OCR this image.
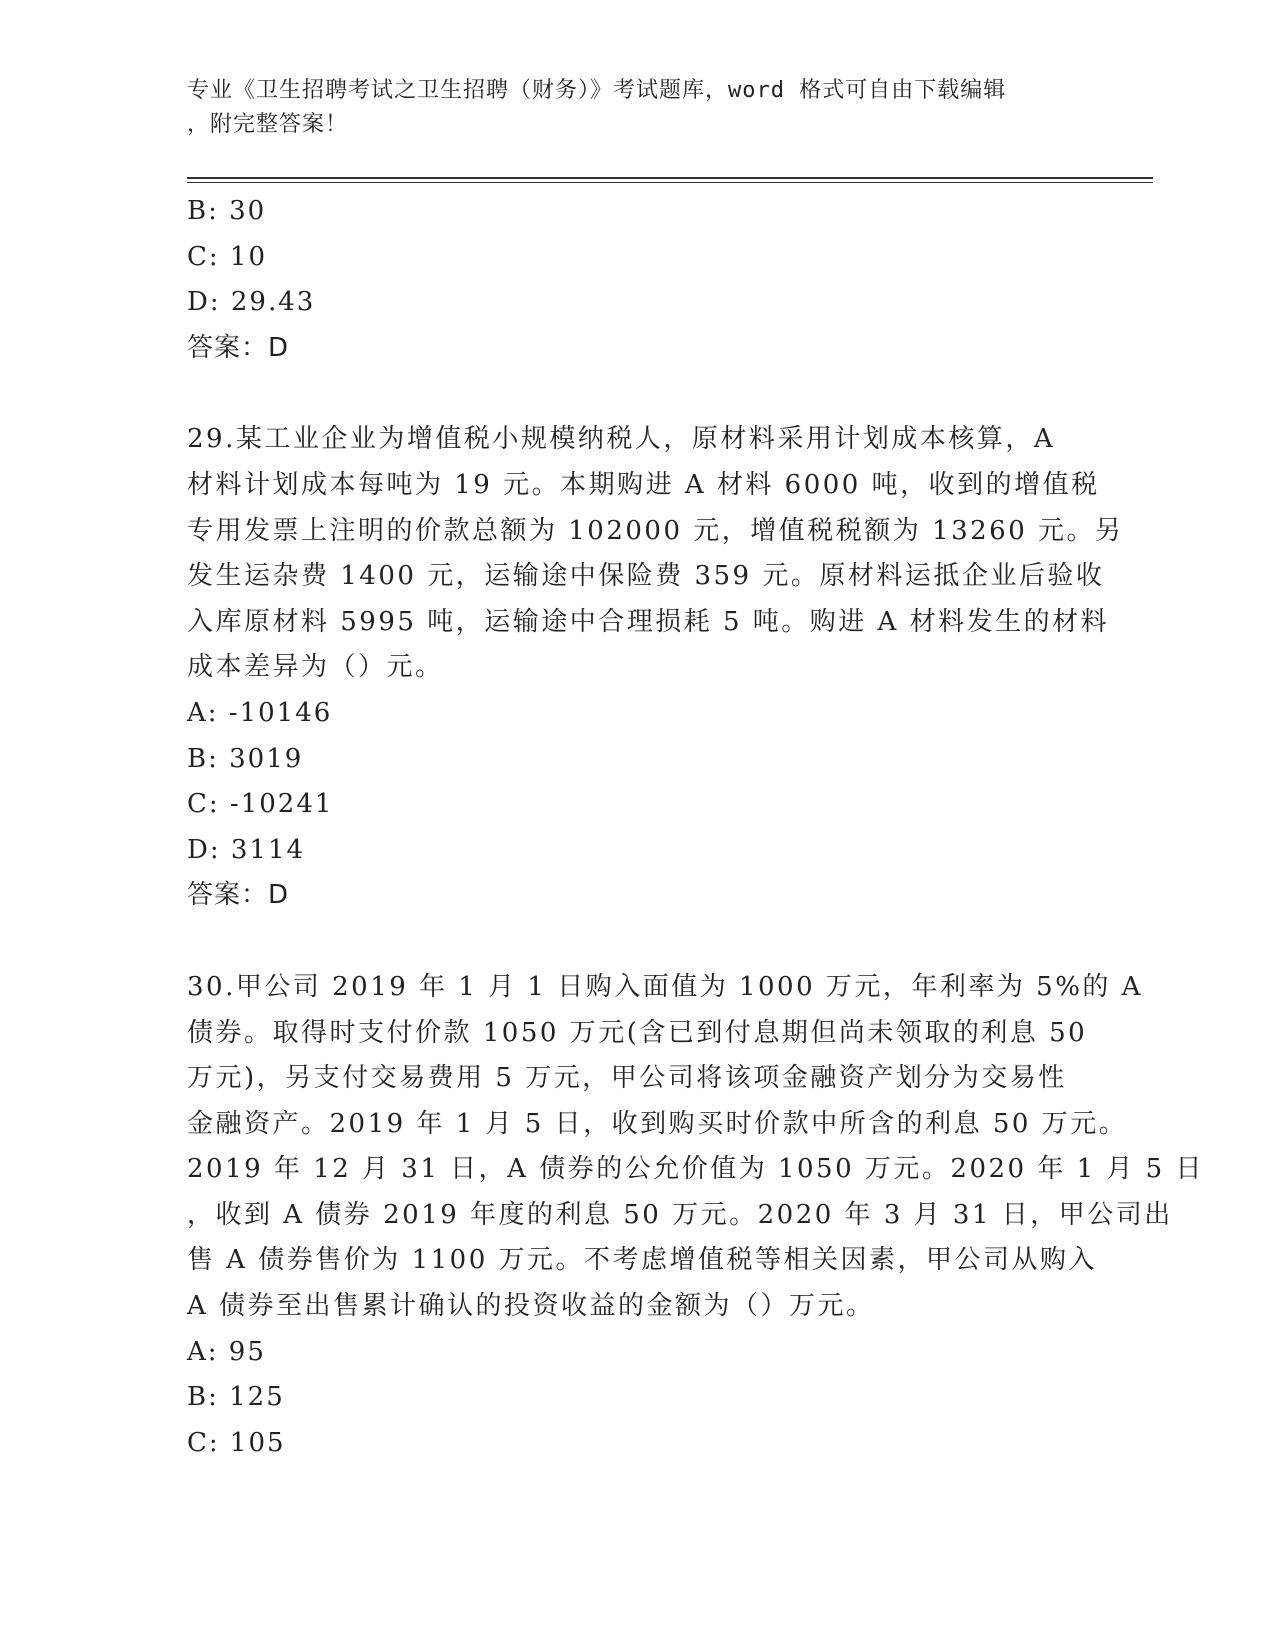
专业《卫生招聘考试之卫生招聘（财务）》考试题库，word 格式可自由下载编辑
，附完整答案！
B: 30
C: 10
D: 29.43
答案：D
29.某工业企业为增值税小规模纳税人，原材料采用计划成本核算，A
材料计划成本每吨为 19 元。本期购进 A 材料 6000 吨，收到的增值税
专用发票上注明的价款总额为 102000 元，增值税税额为 13260 元。另
发生运杂费 1400 元，运输途中保险费 359 元。原材料运抵企业后验收
入库原材料 5995 吨，运输途中合理损耗 5 吨。购进 A 材料发生的材料
成本差异为（）元。
A: -10146
B: 3019
C: -10241
D: 3114
答案：D
30.甲公司 2019 年 1 月 1 日购入面值为 1000 万元，年利率为 5%的 A
债券。取得时支付价款 1050 万元(含已到付息期但尚未领取的利息 50
万元)，另支付交易费用 5 万元，甲公司将该项金融资产划分为交易性
金融资产。2019 年 1 月 5 日，收到购买时价款中所含的利息 50 万元。
2019 年 12 月 31 日，A 债券的公允价值为 1050 万元。2020 年 1 月 5 日
，收到 A 债券 2019 年度的利息 50 万元。2020 年 3 月 31 日，甲公司出
售 A 债券售价为 1100 万元。不考虑增值税等相关因素，甲公司从购入
A 债券至出售累计确认的投资收益的金额为（）万元。
A: 95
B: 125
C: 105
